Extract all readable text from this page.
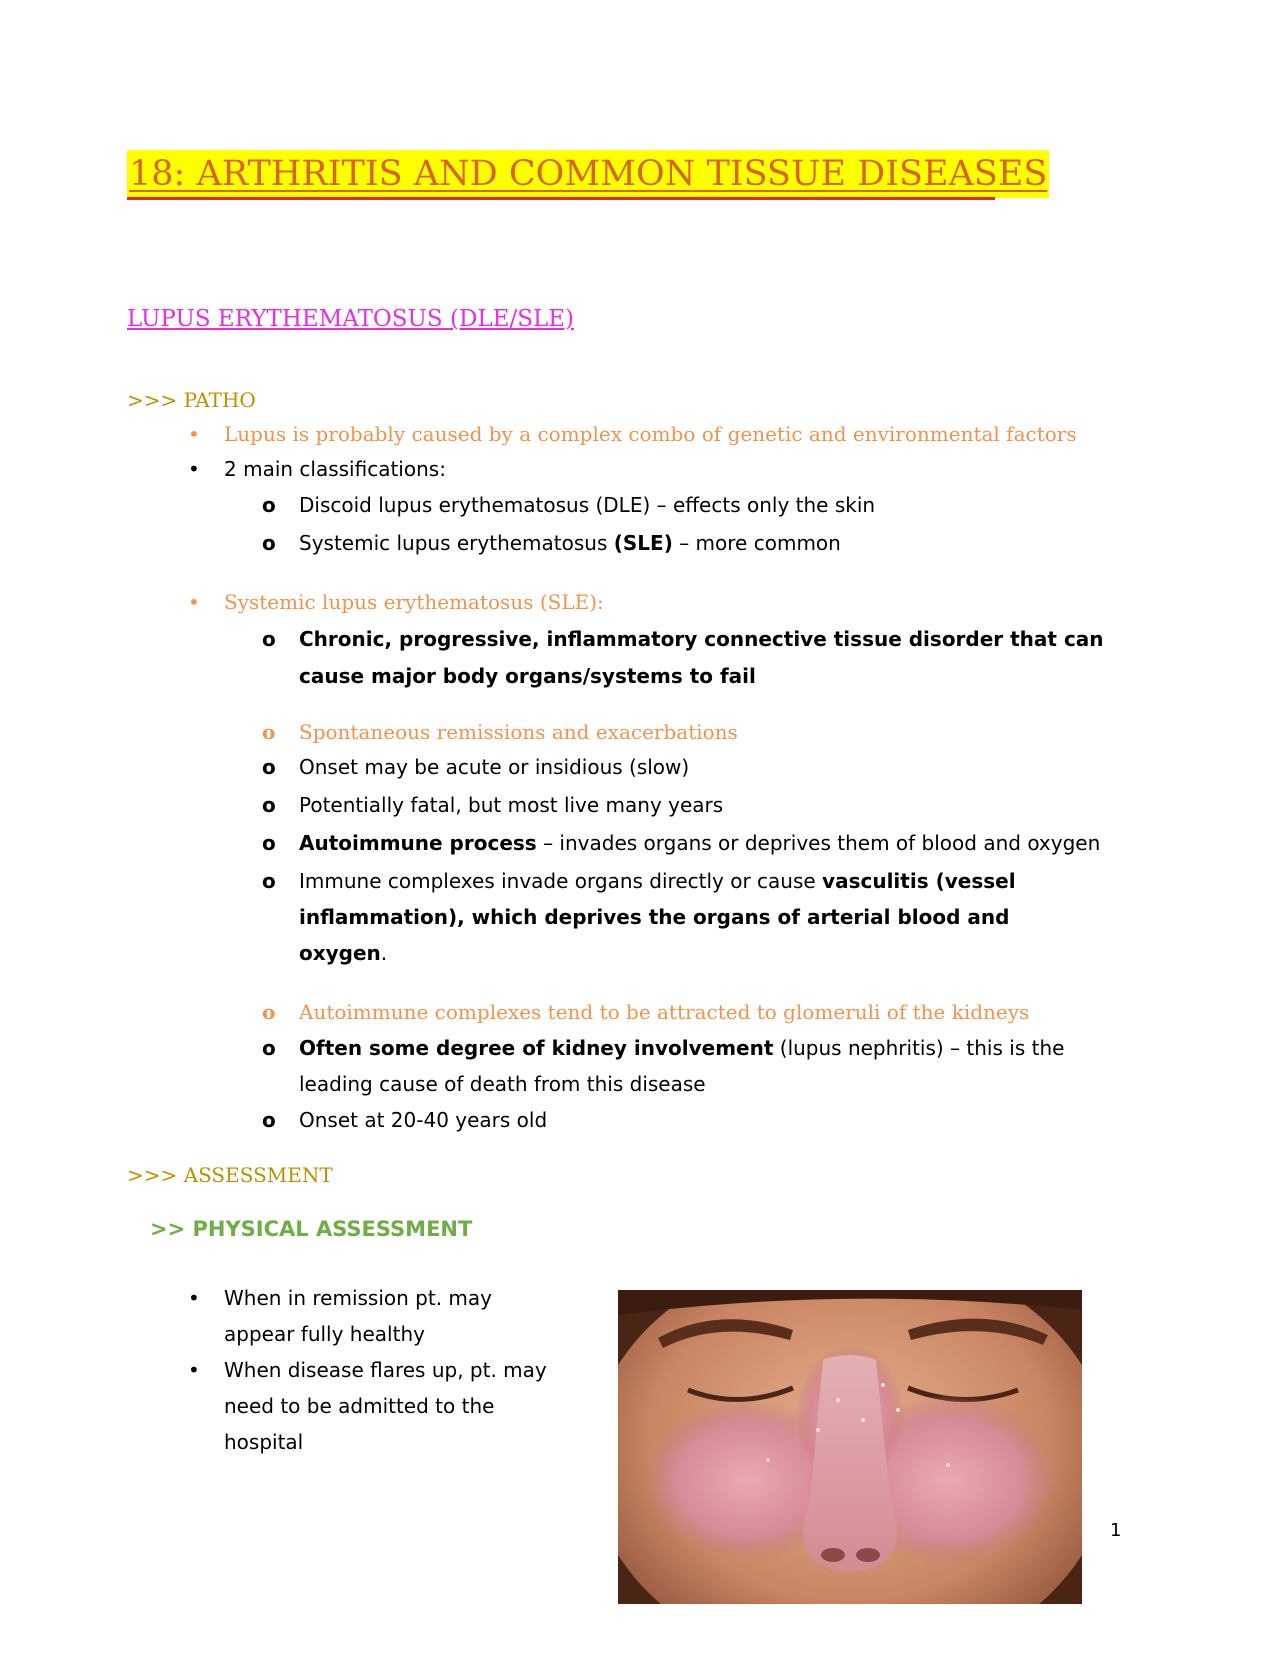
18: ARTHRITIS AND COMMON TISSUE DISEASES
LUPUS ERYTHEMATOSUS (DLE/SLE)
>>> PATHO
• Lupus is probably caused by a complex combo of genetic and environmental factors
• 2 main classifications:
o Discoid lupus erythematosus (DLE) – effects only the skin
o Systemic lupus erythematosus (SLE) – more common
• Systemic lupus erythematosus (SLE):
o Chronic, progressive, inflammatory connective tissue disorder that can
cause major body organs/systems to fail
o Spontaneous remissions and exacerbations
o Onset may be acute or insidious (slow)
o Potentially fatal, but most live many years
o Autoimmune process – invades organs or deprives them of blood and oxygen
o Immune complexes invade organs directly or cause vasculitis (vessel
inflammation), which deprives the organs of arterial blood and
oxygen.
o Autoimmune complexes tend to be attracted to glomeruli of the kidneys
o Often some degree of kidney involvement (lupus nephritis) – this is the
leading cause of death from this disease
o Onset at 20-40 years old
>>> ASSESSMENT
>> PHYSICAL ASSESSMENT
• When in remission pt. may
appear fully healthy
• When disease flares up, pt. may
need to be admitted to the
hospital
1
